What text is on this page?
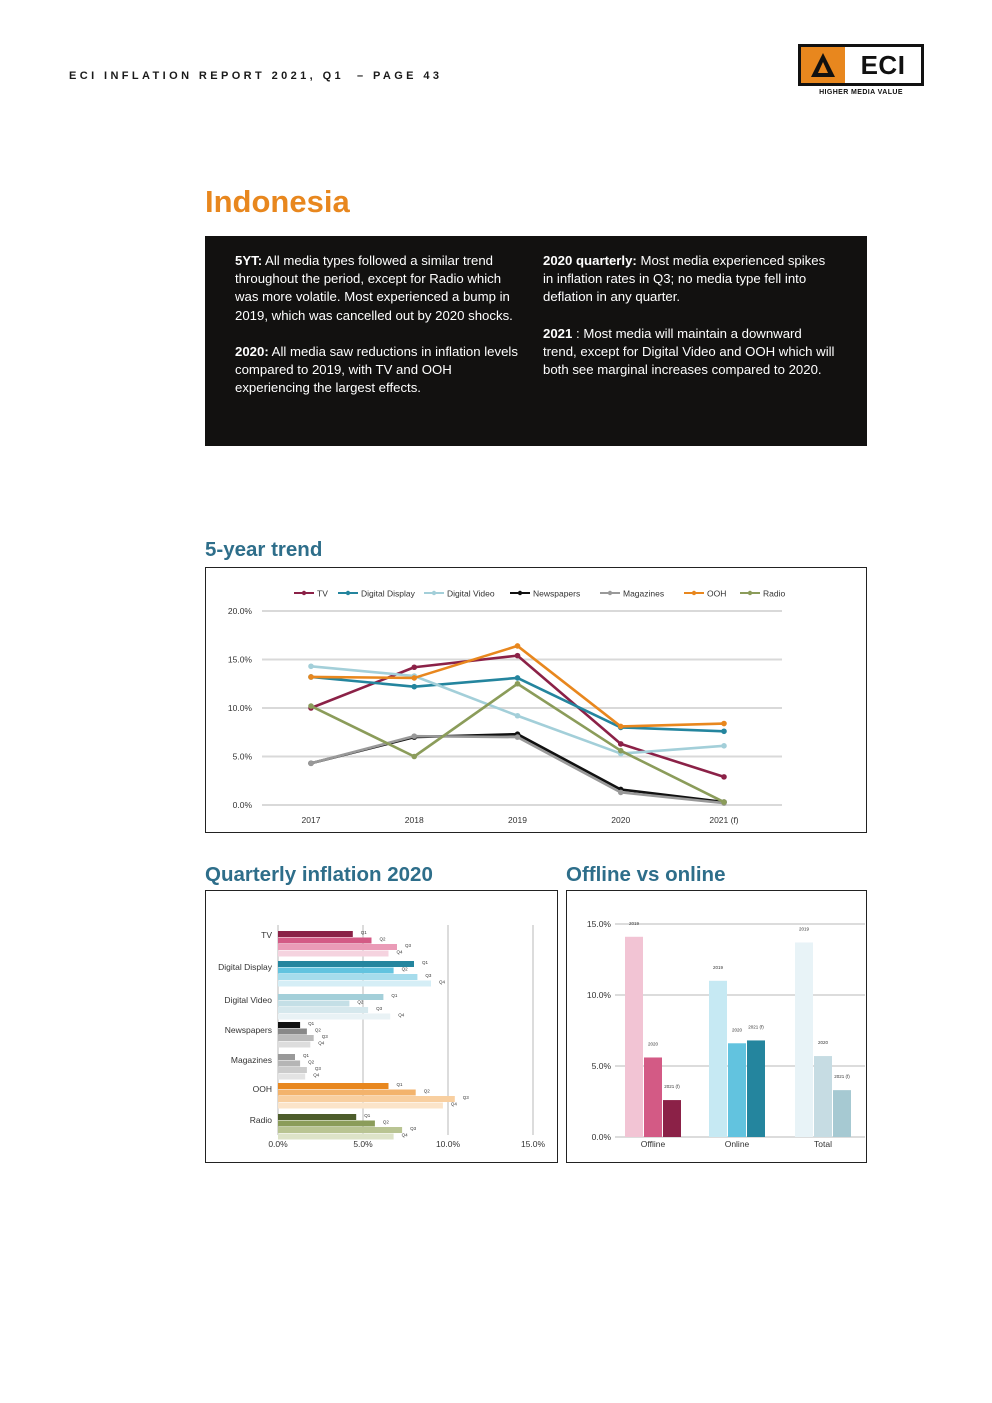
ECI INFLATION REPORT 2021, Q1 – PAGE 43	ECI
HIGHER MEDIA VALUE
Indonesia

5YT: All media types followed a similar trend throughout the period, except for Radio which was more volatile. Most experienced a bump in 2019, which was cancelled out by 2020 shocks.

2020: All media saw reductions in inflation levels compared to 2019, with TV and OOH experiencing the largest effects.

2020 quarterly: Most media experienced spikes in inflation rates in Q3; no media type fell into deflation in any quarter.

2021 : Most media will maintain a downward trend, except for Digital Video and OOH which will both see marginal increases compared to 2020.

5-year trend
0.0%
5.0%
10.0%
15.0%
20.0%
2017	2018	2019	2020	2021 (f)
TV	Digital Display	Digital Video	Newspapers	Magazines	OOH	Radio
Quarterly inflation 2020
0.0%	5.0%	10.0%	15.0%
TV	Q1
Q2
Q3
Q4
Digital Display	Q1
Q2
Q3
Q4
Digital Video	Q1
Q2
Q3
Q4
Newspapers
Q1
Q2
Q3
Q4
Magazines	Q1
Q2
Q3
Q4
OOH	Q1
Q2
Q3
Q4
Radio	Q1
Q2
Q3
Q4
Offline vs online
0.0%
5.0%
10.0%
15.0%	2019
2020
2021 (f)
Offline
2019
2020
2021 (f)
Online
2019
2020
2021 (f)
Total
